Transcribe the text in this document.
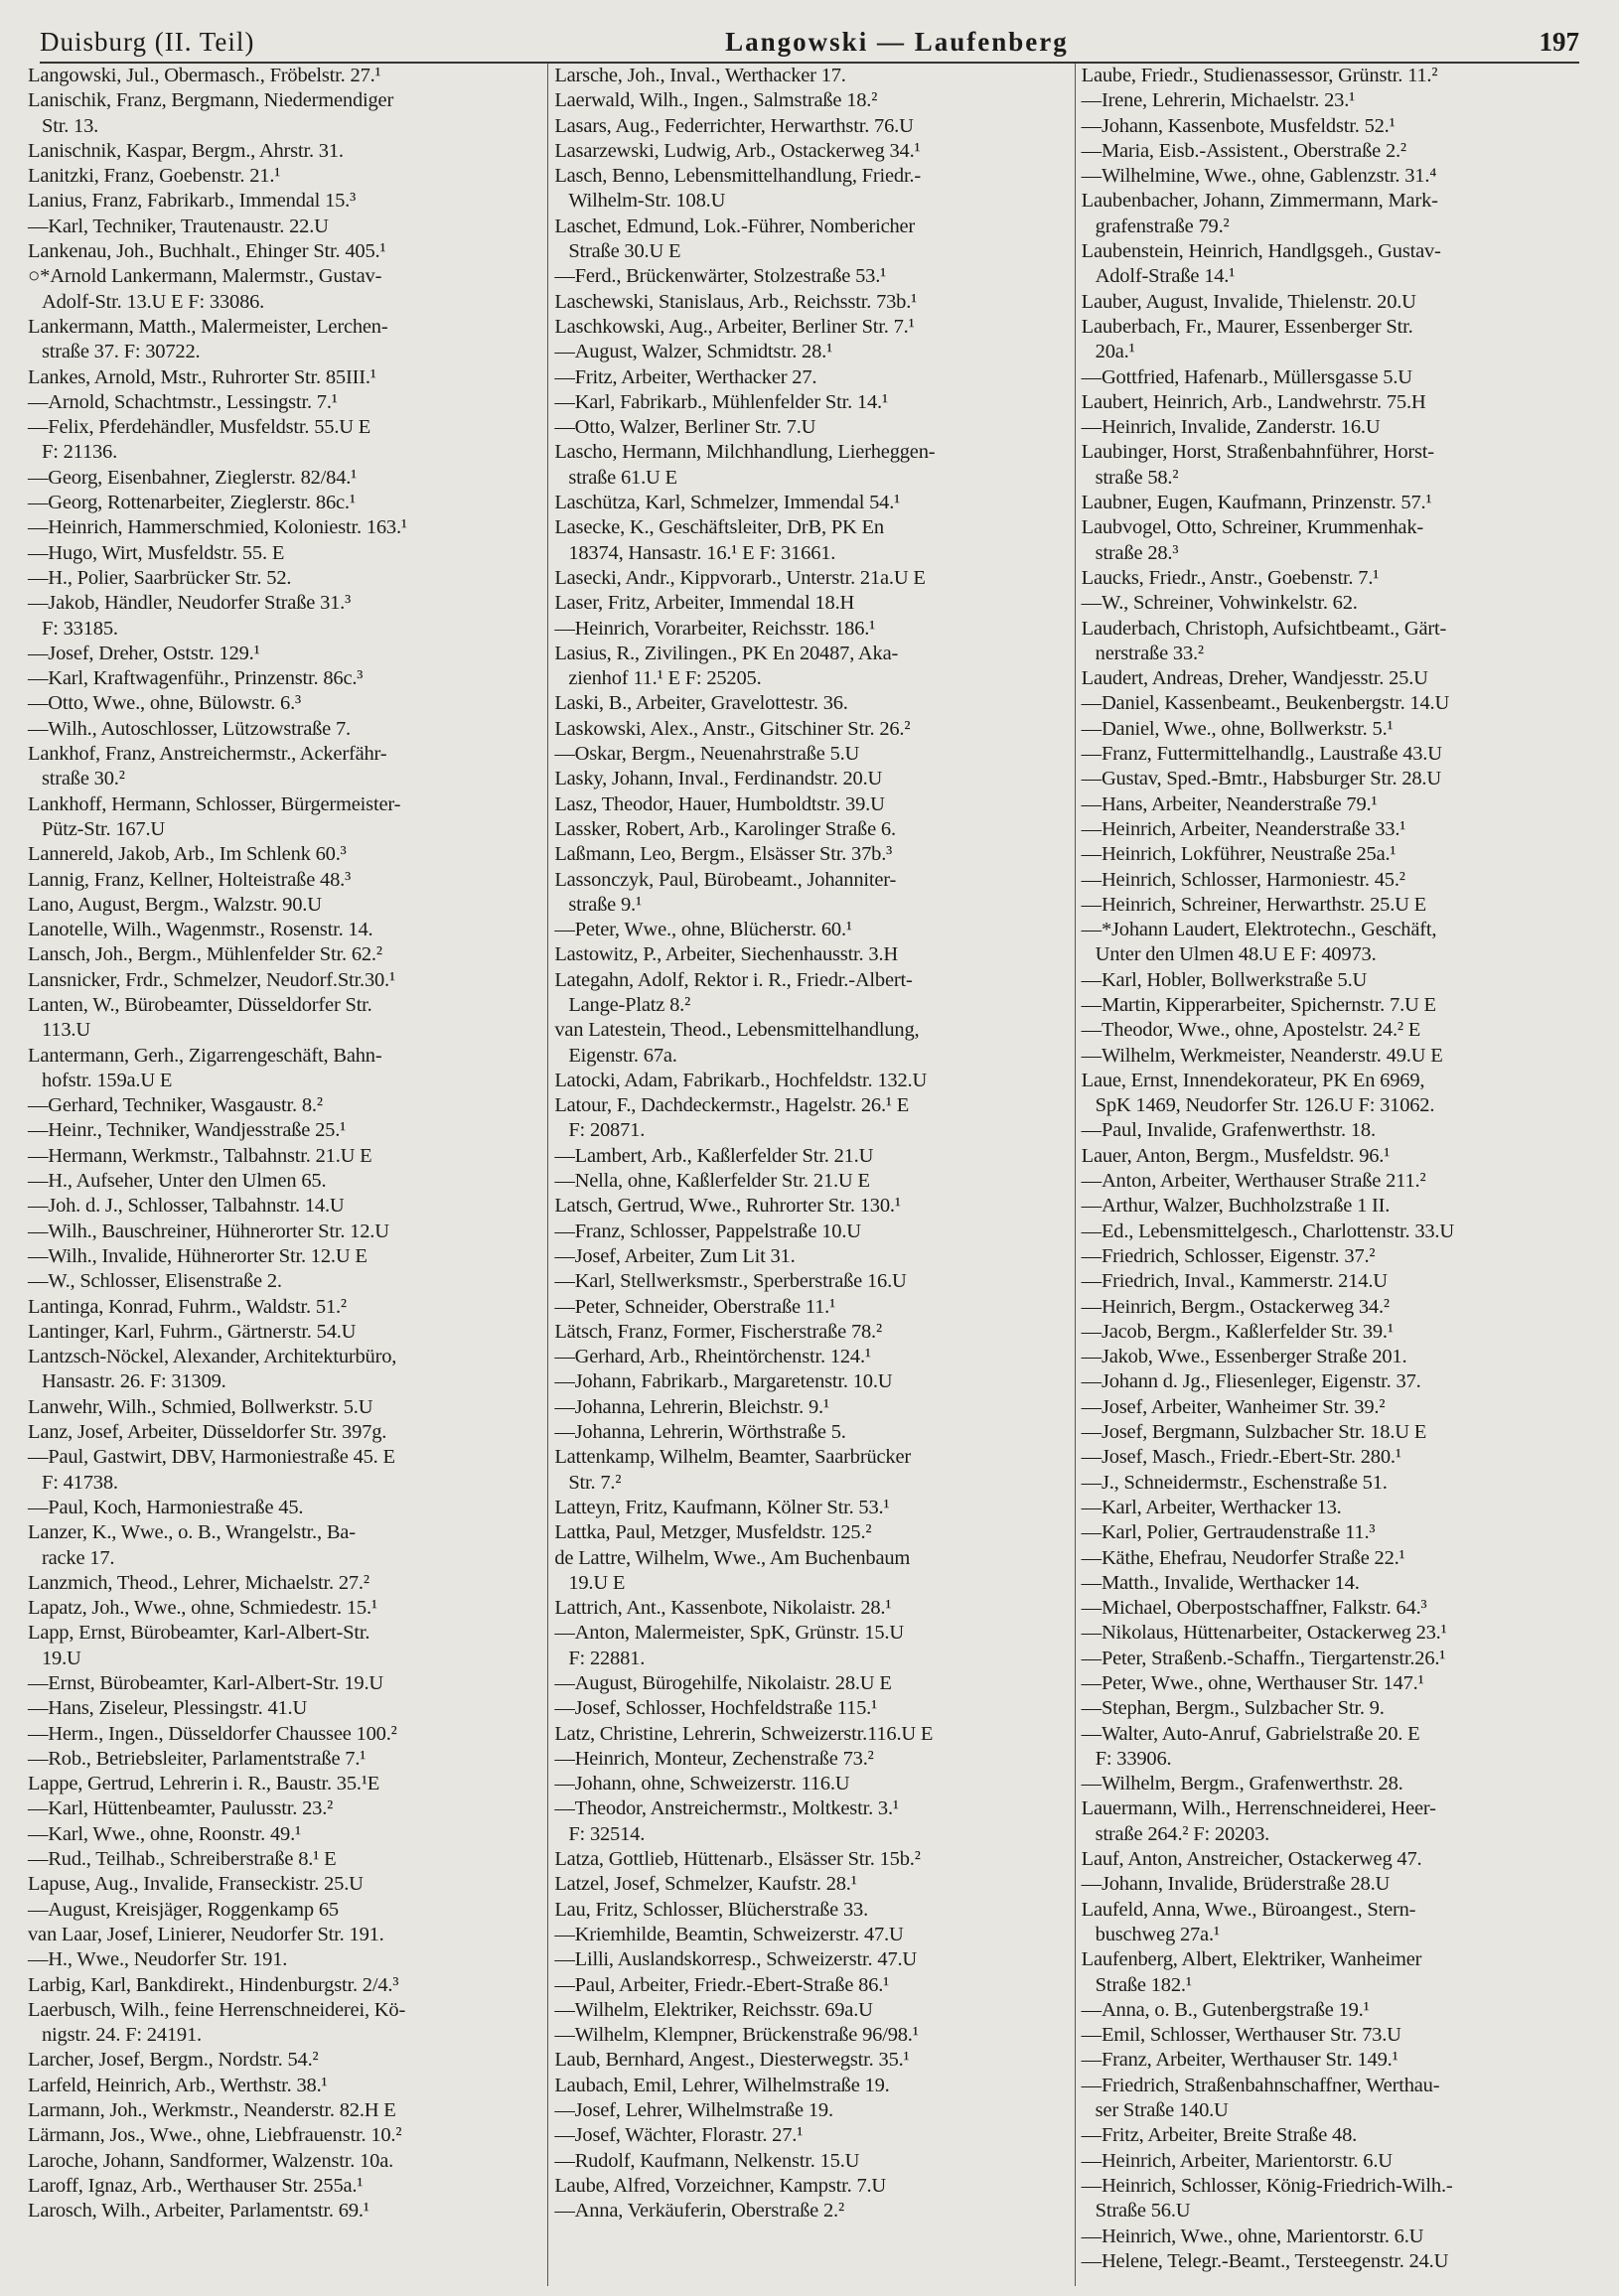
Duisburg (II. Teil)	Langowski — Laufenberg	197
Langowski, Jul., Obermasch., Fröbelstr. 27.¹
Lanischik, Franz, Bergmann, Niedermendiger
Str. 13.
Lanischnik, Kaspar, Bergm., Ahrstr. 31.
Lanitzki, Franz, Goebenstr. 21.¹
Lanius, Franz, Fabrikarb., Immendal 15.³
—Karl, Techniker, Trautenaustr. 22.U
Lankenau, Joh., Buchhalt., Ehinger Str. 405.¹
○*Arnold Lankermann, Malermstr., Gustav-
Adolf-Str. 13.U E F: 33086.
Lankermann, Matth., Malermeister, Lerchen-
straße 37. F: 30722.
Lankes, Arnold, Mstr., Ruhrorter Str. 85III.¹
—Arnold, Schachtmstr., Lessingstr. 7.¹
—Felix, Pferdehändler, Musfeldstr. 55.U E
F: 21136.
—Georg, Eisenbahner, Zieglerstr. 82/84.¹
—Georg, Rottenarbeiter, Zieglerstr. 86c.¹
—Heinrich, Hammerschmied, Koloniestr. 163.¹
—Hugo, Wirt, Musfeldstr. 55. E
—H., Polier, Saarbrücker Str. 52.
—Jakob, Händler, Neudorfer Straße 31.³
F: 33185.
—Josef, Dreher, Oststr. 129.¹
—Karl, Kraftwagenführ., Prinzenstr. 86c.³
—Otto, Wwe., ohne, Bülowstr. 6.³
—Wilh., Autoschlosser, Lützowstraße 7.
Lankhof, Franz, Anstreichermstr., Ackerfähr-
straße 30.²
Lankhoff, Hermann, Schlosser, Bürgermeister-
Pütz-Str. 167.U
Lannereld, Jakob, Arb., Im Schlenk 60.³
Lannig, Franz, Kellner, Holteistraße 48.³
Lano, August, Bergm., Walzstr. 90.U
Lanotelle, Wilh., Wagenmstr., Rosenstr. 14.
Lansch, Joh., Bergm., Mühlenfelder Str. 62.²
Lansnicker, Frdr., Schmelzer, Neudorf.Str.30.¹
Lanten, W., Bürobeamter, Düsseldorfer Str.
113.U
Lantermann, Gerh., Zigarrengeschäft, Bahn-
hofstr. 159a.U E
—Gerhard, Techniker, Wasgaustr. 8.²
—Heinr., Techniker, Wandjesstraße 25.¹
—Hermann, Werkmstr., Talbahnstr. 21.U E
—H., Aufseher, Unter den Ulmen 65.
—Joh. d. J., Schlosser, Talbahnstr. 14.U
—Wilh., Bauschreiner, Hühnerorter Str. 12.U
—Wilh., Invalide, Hühnerorter Str. 12.U E
—W., Schlosser, Elisenstraße 2.
Lantinga, Konrad, Fuhrm., Waldstr. 51.²
Lantinger, Karl, Fuhrm., Gärtnerstr. 54.U
Lantzsch-Nöckel, Alexander, Architekturbüro,
Hansastr. 26. F: 31309.
Lanwehr, Wilh., Schmied, Bollwerkstr. 5.U
Lanz, Josef, Arbeiter, Düsseldorfer Str. 397g.
—Paul, Gastwirt, DBV, Harmoniestraße 45. E
F: 41738.
—Paul, Koch, Harmoniestraße 45.
Lanzer, K., Wwe., o. B., Wrangelstr., Ba-
racke 17.
Lanzmich, Theod., Lehrer, Michaelstr. 27.²
Lapatz, Joh., Wwe., ohne, Schmiedestr. 15.¹
Lapp, Ernst, Bürobeamter, Karl-Albert-Str.
19.U
—Ernst, Bürobeamter, Karl-Albert-Str. 19.U
—Hans, Ziseleur, Plessingstr. 41.U
—Herm., Ingen., Düsseldorfer Chaussee 100.²
—Rob., Betriebsleiter, Parlamentstraße 7.¹
Lappe, Gertrud, Lehrerin i. R., Baustr. 35.¹E
—Karl, Hüttenbeamter, Paulusstr. 23.²
—Karl, Wwe., ohne, Roonstr. 49.¹
—Rud., Teilhab., Schreiberstraße 8.¹ E
Lapuse, Aug., Invalide, Franseckistr. 25.U
—August, Kreisjäger, Roggenkamp 65
van Laar, Josef, Linierer, Neudorfer Str. 191.
—H., Wwe., Neudorfer Str. 191.
Larbig, Karl, Bankdirekt., Hindenburgstr. 2/4.³
Laerbusch, Wilh., feine Herrenschneiderei, Kö-
nigstr. 24. F: 24191.
Larcher, Josef, Bergm., Nordstr. 54.²
Larfeld, Heinrich, Arb., Werthstr. 38.¹
Larmann, Joh., Werkmstr., Neanderstr. 82.H E
Lärmann, Jos., Wwe., ohne, Liebfrauenstr. 10.²
Laroche, Johann, Sandformer, Walzenstr. 10a.
Laroff, Ignaz, Arb., Werthauser Str. 255a.¹
Larosch, Wilh., Arbeiter, Parlamentstr. 69.¹
Larsche, Joh., Inval., Werthacker 17.
Laerwald, Wilh., Ingen., Salmstraße 18.²
Lasars, Aug., Federrichter, Herwarthstr. 76.U
Lasarzewski, Ludwig, Arb., Ostackerweg 34.¹
Lasch, Benno, Lebensmittelhandlung, Friedr.-
Wilhelm-Str. 108.U
Laschet, Edmund, Lok.-Führer, Nombericher
Straße 30.U E
—Ferd., Brückenwärter, Stolzestraße 53.¹
Laschewski, Stanislaus, Arb., Reichsstr. 73b.¹
Laschkowski, Aug., Arbeiter, Berliner Str. 7.¹
—August, Walzer, Schmidtstr. 28.¹
—Fritz, Arbeiter, Werthacker 27.
—Karl, Fabrikarb., Mühlenfelder Str. 14.¹
—Otto, Walzer, Berliner Str. 7.U
Lascho, Hermann, Milchhandlung, Lierheggen-
straße 61.U E
Laschütza, Karl, Schmelzer, Immendal 54.¹
Lasecke, K., Geschäftsleiter, DrB, PK En
18374, Hansastr. 16.¹ E F: 31661.
Lasecki, Andr., Kippvorarb., Unterstr. 21a.U E
Laser, Fritz, Arbeiter, Immendal 18.H
—Heinrich, Vorarbeiter, Reichsstr. 186.¹
Lasius, R., Zivilingen., PK En 20487, Aka-
zienhof 11.¹ E F: 25205.
Laski, B., Arbeiter, Gravelottestr. 36.
Laskowski, Alex., Anstr., Gitschiner Str. 26.²
—Oskar, Bergm., Neuenahrstraße 5.U
Lasky, Johann, Inval., Ferdinandstr. 20.U
Lasz, Theodor, Hauer, Humboldtstr. 39.U
Lassker, Robert, Arb., Karolinger Straße 6.
Laßmann, Leo, Bergm., Elsässer Str. 37b.³
Lassonczyk, Paul, Bürobeamt., Johanniter-
straße 9.¹
—Peter, Wwe., ohne, Blücherstr. 60.¹
Lastowitz, P., Arbeiter, Siechenhausstr. 3.H
Lategahn, Adolf, Rektor i. R., Friedr.-Albert-
Lange-Platz 8.²
van Latestein, Theod., Lebensmittelhandlung,
Eigenstr. 67a.
Latocki, Adam, Fabrikarb., Hochfeldstr. 132.U
Latour, F., Dachdeckermstr., Hagelstr. 26.¹ E
F: 20871.
—Lambert, Arb., Kaßlerfelder Str. 21.U
—Nella, ohne, Kaßlerfelder Str. 21.U E
Latsch, Gertrud, Wwe., Ruhrorter Str. 130.¹
—Franz, Schlosser, Pappelstraße 10.U
—Josef, Arbeiter, Zum Lit 31.
—Karl, Stellwerksmstr., Sperberstraße 16.U
—Peter, Schneider, Oberstraße 11.¹
Lätsch, Franz, Former, Fischerstraße 78.²
—Gerhard, Arb., Rheintörchenstr. 124.¹
—Johann, Fabrikarb., Margaretenstr. 10.U
—Johanna, Lehrerin, Bleichstr. 9.¹
—Johanna, Lehrerin, Wörthstraße 5.
Lattenkamp, Wilhelm, Beamter, Saarbrücker
Str. 7.²
Latteyn, Fritz, Kaufmann, Kölner Str. 53.¹
Lattka, Paul, Metzger, Musfeldstr. 125.²
de Lattre, Wilhelm, Wwe., Am Buchenbaum
19.U E
Lattrich, Ant., Kassenbote, Nikolaistr. 28.¹
—Anton, Malermeister, SpK, Grünstr. 15.U
F: 22881.
—August, Bürogehilfe, Nikolaistr. 28.U E
—Josef, Schlosser, Hochfeldstraße 115.¹
Latz, Christine, Lehrerin, Schweizerstr.116.U E
—Heinrich, Monteur, Zechenstraße 73.²
—Johann, ohne, Schweizerstr. 116.U
—Theodor, Anstreichermstr., Moltkestr. 3.¹
F: 32514.
Latza, Gottlieb, Hüttenarb., Elsässer Str. 15b.²
Latzel, Josef, Schmelzer, Kaufstr. 28.¹
Lau, Fritz, Schlosser, Blücherstraße 33.
—Kriemhilde, Beamtin, Schweizerstr. 47.U
—Lilli, Auslandskorresp., Schweizerstr. 47.U
—Paul, Arbeiter, Friedr.-Ebert-Straße 86.¹
—Wilhelm, Elektriker, Reichsstr. 69a.U
—Wilhelm, Klempner, Brückenstraße 96/98.¹
Laub, Bernhard, Angest., Diesterwegstr. 35.¹
Laubach, Emil, Lehrer, Wilhelmstraße 19.
—Josef, Lehrer, Wilhelmstraße 19.
—Josef, Wächter, Florastr. 27.¹
—Rudolf, Kaufmann, Nelkenstr. 15.U
Laube, Alfred, Vorzeichner, Kampstr. 7.U
—Anna, Verkäuferin, Oberstraße 2.²
Laube, Friedr., Studienassessor, Grünstr. 11.²
—Irene, Lehrerin, Michaelstr. 23.¹
—Johann, Kassenbote, Musfeldstr. 52.¹
—Maria, Eisb.-Assistent., Oberstraße 2.²
—Wilhelmine, Wwe., ohne, Gablenzstr. 31.⁴
Laubenbacher, Johann, Zimmermann, Mark-
grafenstraße 79.²
Laubenstein, Heinrich, Handlgsgeh., Gustav-
Adolf-Straße 14.¹
Lauber, August, Invalide, Thielenstr. 20.U
Lauberbach, Fr., Maurer, Essenberger Str.
20a.¹
—Gottfried, Hafenarb., Müllersgasse 5.U
Laubert, Heinrich, Arb., Landwehrstr. 75.H
—Heinrich, Invalide, Zanderstr. 16.U
Laubinger, Horst, Straßenbahnführer, Horst-
straße 58.²
Laubner, Eugen, Kaufmann, Prinzenstr. 57.¹
Laubvogel, Otto, Schreiner, Krummenhak-
straße 28.³
Laucks, Friedr., Anstr., Goebenstr. 7.¹
—W., Schreiner, Vohwinkelstr. 62.
Lauderbach, Christoph, Aufsichtbeamt., Gärt-
nerstraße 33.²
Laudert, Andreas, Dreher, Wandjesstr. 25.U
—Daniel, Kassenbeamt., Beukenbergstr. 14.U
—Daniel, Wwe., ohne, Bollwerkstr. 5.¹
—Franz, Futtermittelhandlg., Laustraße 43.U
—Gustav, Sped.-Bmtr., Habsburger Str. 28.U
—Hans, Arbeiter, Neanderstraße 79.¹
—Heinrich, Arbeiter, Neanderstraße 33.¹
—Heinrich, Lokführer, Neustraße 25a.¹
—Heinrich, Schlosser, Harmoniestr. 45.²
—Heinrich, Schreiner, Herwarthstr. 25.U E
—*Johann Laudert, Elektrotechn., Geschäft,
Unter den Ulmen 48.U E F: 40973.
—Karl, Hobler, Bollwerkstraße 5.U
—Martin, Kipperarbeiter, Spichernstr. 7.U E
—Theodor, Wwe., ohne, Apostelstr. 24.² E
—Wilhelm, Werkmeister, Neanderstr. 49.U E
Laue, Ernst, Innendekorateur, PK En 6969,
SpK 1469, Neudorfer Str. 126.U F: 31062.
—Paul, Invalide, Grafenwerthstr. 18.
Lauer, Anton, Bergm., Musfeldstr. 96.¹
—Anton, Arbeiter, Werthauser Straße 211.²
—Arthur, Walzer, Buchholzstraße 1 II.
—Ed., Lebensmittelgesch., Charlottenstr. 33.U
—Friedrich, Schlosser, Eigenstr. 37.²
—Friedrich, Inval., Kammerstr. 214.U
—Heinrich, Bergm., Ostackerweg 34.²
—Jacob, Bergm., Kaßlerfelder Str. 39.¹
—Jakob, Wwe., Essenberger Straße 201.
—Johann d. Jg., Fliesenleger, Eigenstr. 37.
—Josef, Arbeiter, Wanheimer Str. 39.²
—Josef, Bergmann, Sulzbacher Str. 18.U E
—Josef, Masch., Friedr.-Ebert-Str. 280.¹
—J., Schneidermstr., Eschenstraße 51.
—Karl, Arbeiter, Werthacker 13.
—Karl, Polier, Gertraudenstraße 11.³
—Käthe, Ehefrau, Neudorfer Straße 22.¹
—Matth., Invalide, Werthacker 14.
—Michael, Oberpostschaffner, Falkstr. 64.³
—Nikolaus, Hüttenarbeiter, Ostackerweg 23.¹
—Peter, Straßenb.-Schaffn., Tiergartenstr.26.¹
—Peter, Wwe., ohne, Werthauser Str. 147.¹
—Stephan, Bergm., Sulzbacher Str. 9.
—Walter, Auto-Anruf, Gabrielstraße 20. E
F: 33906.
—Wilhelm, Bergm., Grafenwerthstr. 28.
Lauermann, Wilh., Herrenschneiderei, Heer-
straße 264.² F: 20203.
Lauf, Anton, Anstreicher, Ostackerweg 47.
—Johann, Invalide, Brüderstraße 28.U
Laufeld, Anna, Wwe., Büroangest., Stern-
buschweg 27a.¹
Laufenberg, Albert, Elektriker, Wanheimer
Straße 182.¹
—Anna, o. B., Gutenbergstraße 19.¹
—Emil, Schlosser, Werthauser Str. 73.U
—Franz, Arbeiter, Werthauser Str. 149.¹
—Friedrich, Straßenbahnschaffner, Werthau-
ser Straße 140.U
—Fritz, Arbeiter, Breite Straße 48.
—Heinrich, Arbeiter, Marientorstr. 6.U
—Heinrich, Schlosser, König-Friedrich-Wilh.-
Straße 56.U
—Heinrich, Wwe., ohne, Marientorstr. 6.U
—Helene, Telegr.-Beamt., Tersteegenstr. 24.U
